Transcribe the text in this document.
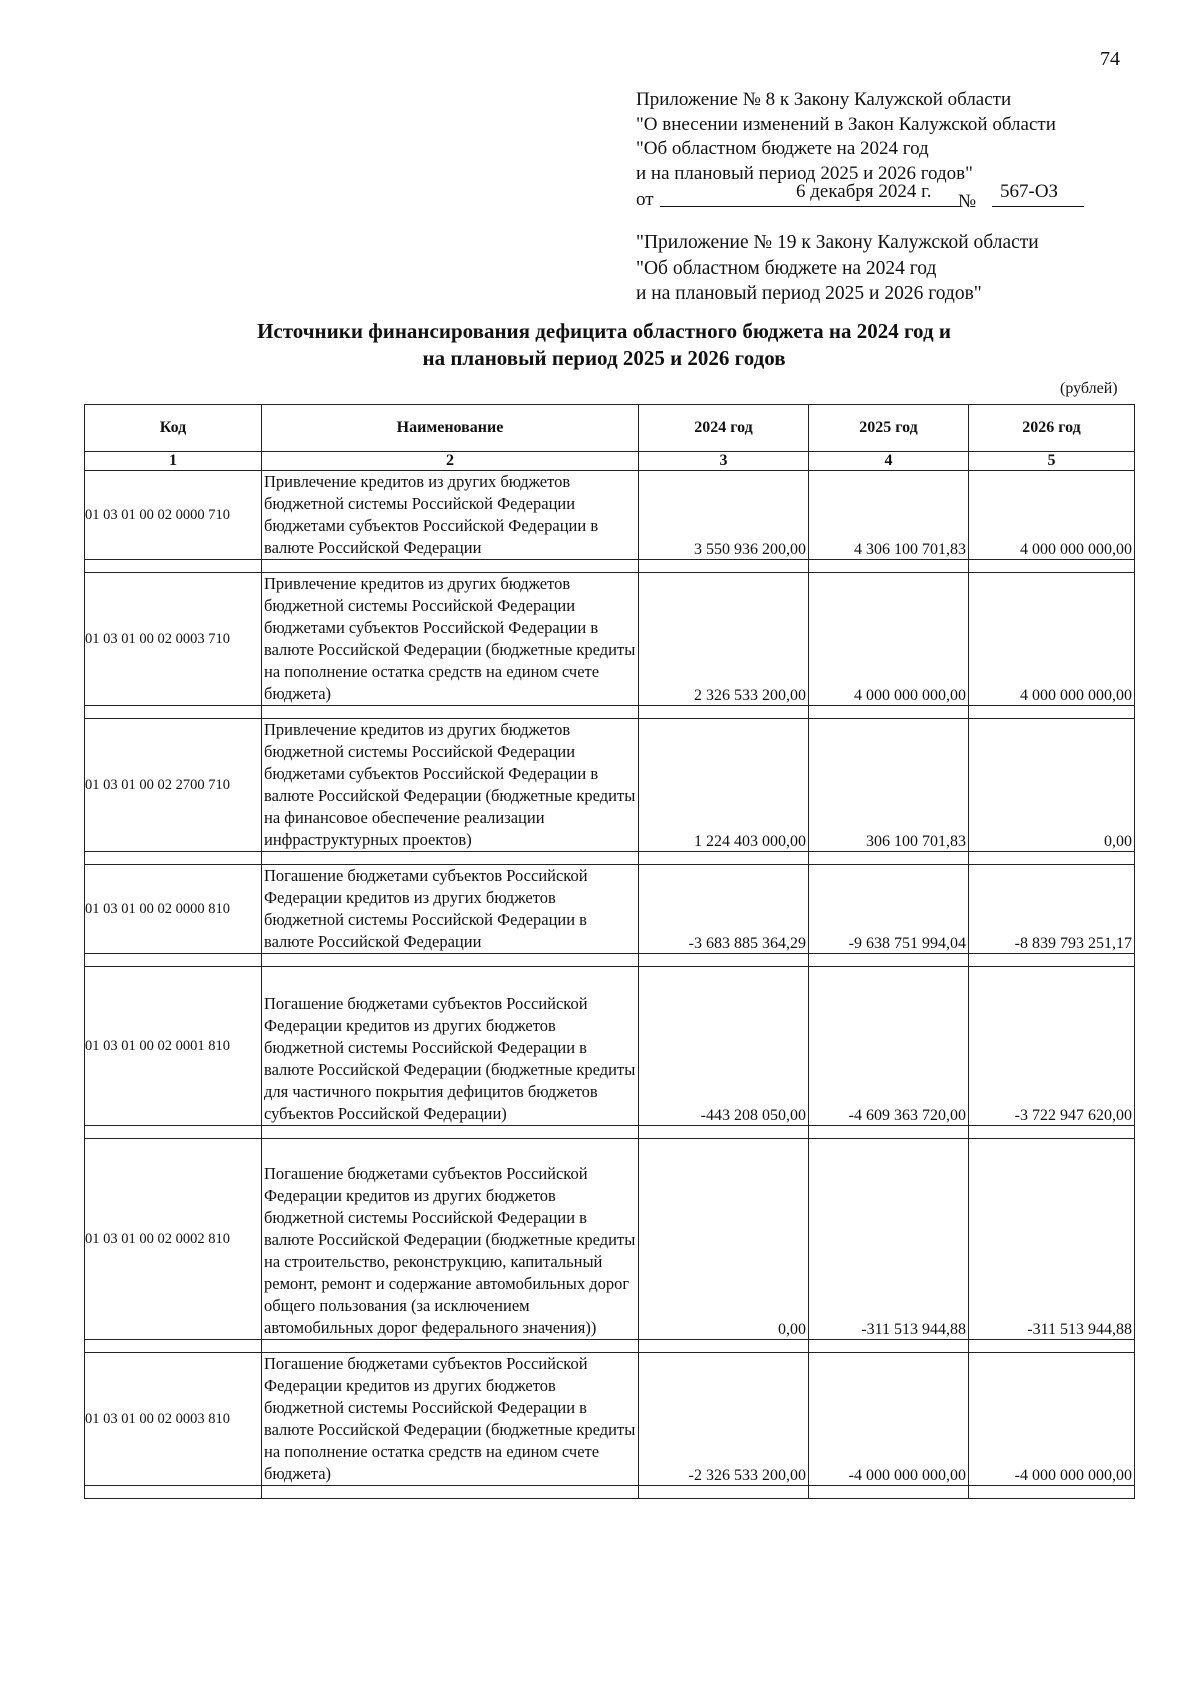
74
Приложение № 8 к Закону Калужской области
"О внесении изменений в Закон Калужской области
"Об областном бюджете на 2024 год
и на плановый период 2025 и 2026 годов"
от	6 декабря 2024 г. № 567-ОЗ
"Приложение № 19 к Закону Калужской области
"Об областном бюджете на 2024 год
и на плановый период 2025 и 2026 годов"
Источники финансирования дефицита областного бюджета на 2024 год и
на плановый период 2025 и 2026 годов
(рублей)
Код	Наименование	2024 год	2025 год	2026 год
1	2	3	4	5
01 03 01 00 02 0000 710	Привлечение кредитов из других бюджетов бюджетной системы Российской Федерации бюджетами субъектов Российской Федерации в валюте Российской Федерации	3 550 936 200,00	4 306 100 701,83	4 000 000 000,00

01 03 01 00 02 0003 710	Привлечение кредитов из других бюджетов бюджетной системы Российской Федерации бюджетами субъектов Российской Федерации в валюте Российской Федерации (бюджетные кредиты на пополнение остатка средств на едином счете бюджета)	2 326 533 200,00	4 000 000 000,00	4 000 000 000,00

01 03 01 00 02 2700 710	Привлечение кредитов из других бюджетов бюджетной системы Российской Федерации бюджетами субъектов Российской Федерации в валюте Российской Федерации (бюджетные кредиты на финансовое обеспечение реализации инфраструктурных проектов)	1 224 403 000,00	306 100 701,83	0,00

01 03 01 00 02 0000 810	Погашение бюджетами субъектов Российской Федерации кредитов из других бюджетов бюджетной системы Российской Федерации в валюте Российской Федерации	-3 683 885 364,29	-9 638 751 994,04	-8 839 793 251,17

01 03 01 00 02 0001 810	Погашение бюджетами субъектов Российской Федерации кредитов из других бюджетов бюджетной системы Российской Федерации в валюте Российской Федерации (бюджетные кредиты для частичного покрытия дефицитов бюджетов субъектов Российской Федерации)	-443 208 050,00	-4 609 363 720,00	-3 722 947 620,00

01 03 01 00 02 0002 810	Погашение бюджетами субъектов Российской Федерации кредитов из других бюджетов бюджетной системы Российской Федерации в валюте Российской Федерации (бюджетные кредиты на строительство, реконструкцию, капитальный ремонт, ремонт и содержание автомобильных дорог общего пользования (за исключением автомобильных дорог федерального значения))	0,00	-311 513 944,88	-311 513 944,88

01 03 01 00 02 0003 810	Погашение бюджетами субъектов Российской Федерации кредитов из других бюджетов бюджетной системы Российской Федерации в валюте Российской Федерации (бюджетные кредиты на пополнение остатка средств на едином счете бюджета)	-2 326 533 200,00	-4 000 000 000,00	-4 000 000 000,00
